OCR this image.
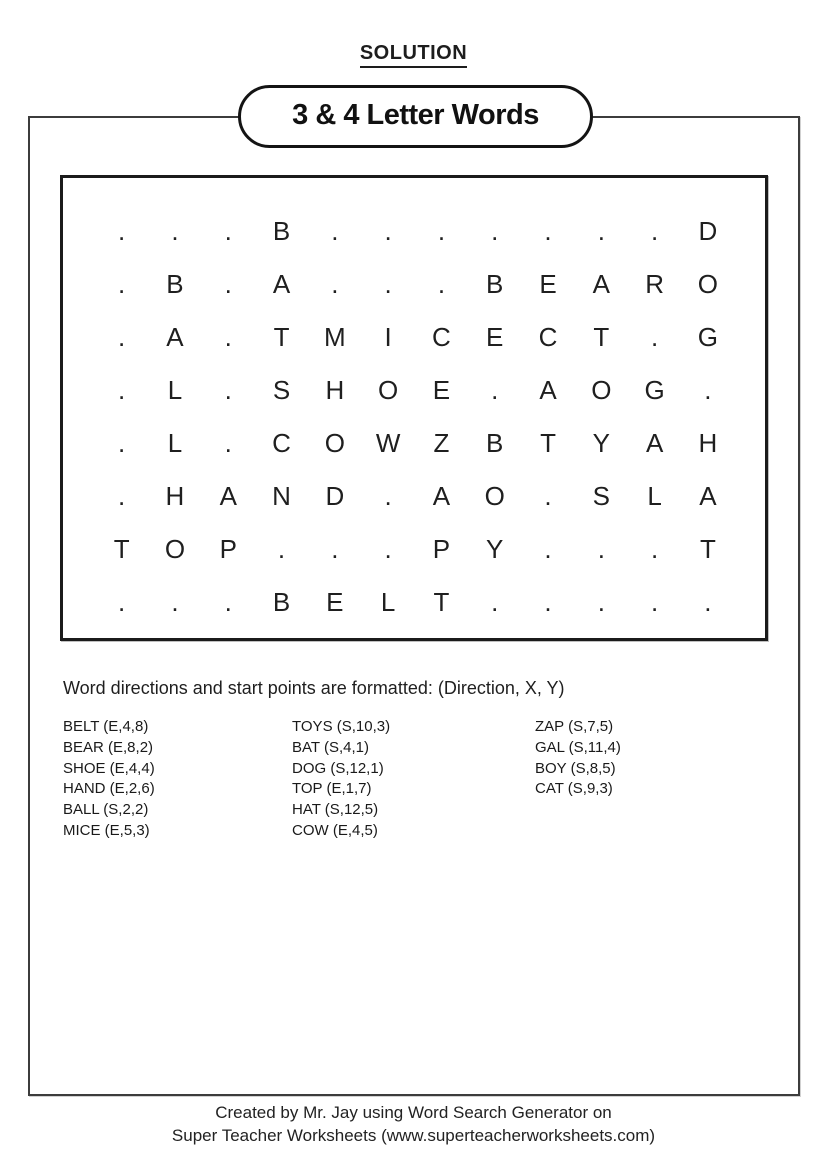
SOLUTION
3 & 4 Letter Words
.	.	.	B	.	.	.	.	.	.	.	D
.	B	.	A	.	.	.	B	E	A	R	O
.	A	.	T	M	I	C	E	C	T	.	G
.	L	.	S	H	O	E	.	A	O	G	.
.	L	.	C	O	W	Z	B	T	Y	A	H
.	H	A	N	D	.	A	O	.	S	L	A
T	O	P	.	.	.	P	Y	.	.	.	T
.	.	.	B	E	L	T	.	.	.	.	.
Word directions and start points are formatted: (Direction, X, Y)
BELT (E,4,8)
BEAR (E,8,2)
SHOE (E,4,4)
HAND (E,2,6)
BALL (S,2,2)
MICE (E,5,3)
TOYS (S,10,3)
BAT (S,4,1)
DOG (S,12,1)
TOP (E,1,7)
HAT (S,12,5)
COW (E,4,5)
ZAP (S,7,5)
GAL (S,11,4)
BOY (S,8,5)
CAT (S,9,3)
Created by Mr. Jay using Word Search Generator on
Super Teacher Worksheets (www.superteacherworksheets.com)
